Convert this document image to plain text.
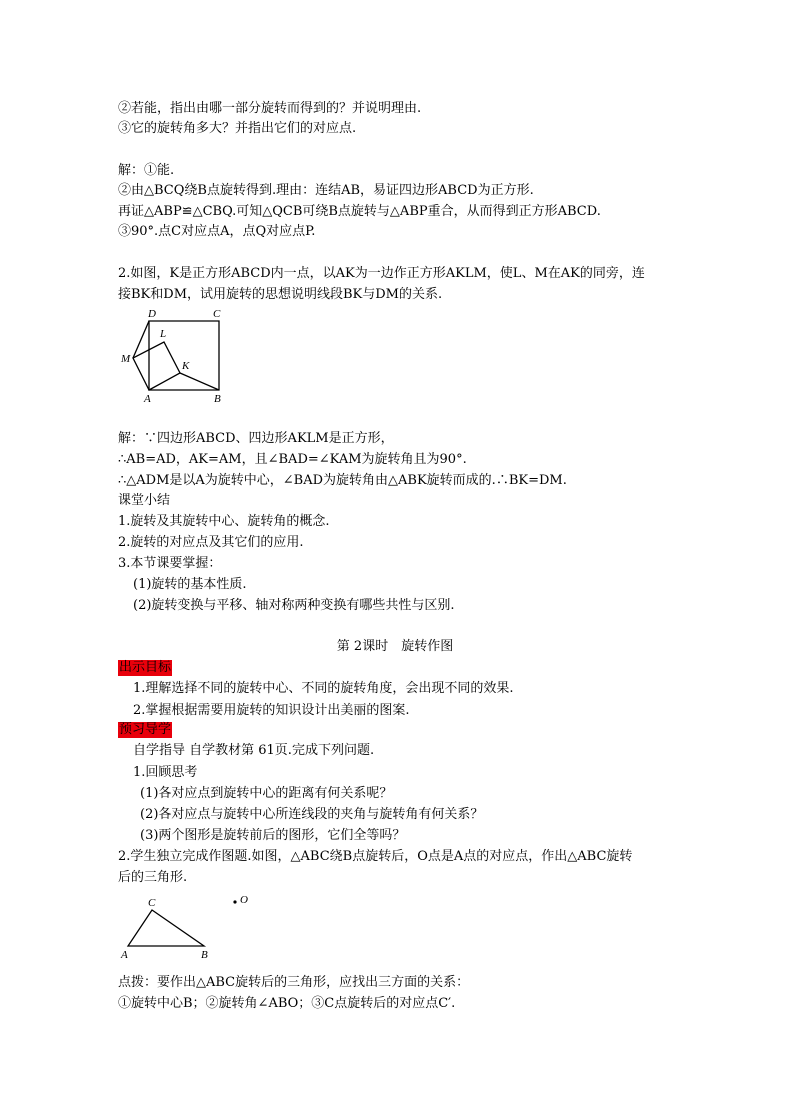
②若能，指出由哪一部分旋转而得到的？并说明理由.
③它的旋转角多大？并指出它们的对应点.
解：①能.
②由△BCQ绕B点旋转得到.理由：连结AB，易证四边形ABCD为正方形.
再证△ABP≌△CBQ.可知△QCB可绕B点旋转与△ABP重合，从而得到正方形ABCD.
③90°.点C对应点A，点Q对应点P.
2.如图，K是正方形ABCD内一点，以AK为一边作正方形AKLM，使L、M在AK的同旁，连
接BK和DM，试用旋转的思想说明线段BK与DM的关系.
D	C
L
M
K
A	B
解：∵四边形ABCD、四边形AKLM是正方形，
∴AB=AD，AK=AM，且∠BAD=∠KAM为旋转角且为90°.
∴△ADM是以A为旋转中心，∠BAD为旋转角由△ABK旋转而成的.∴BK=DM.
课堂小结
1.旋转及其旋转中心、旋转角的概念.
2.旋转的对应点及其它们的应用.
3.本节课要掌握：
(1)旋转的基本性质.
(2)旋转变换与平移、轴对称两种变换有哪些共性与区别.
第 2课时　旋转作图
出示目标
1.理解选择不同的旋转中心、不同的旋转角度，会出现不同的效果.
2.掌握根据需要用旋转的知识设计出美丽的图案.
预习导学
自学指导 自学教材第 61页.完成下列问题.
1.回顾思考
(1)各对应点到旋转中心的距离有何关系呢？
(2)各对应点与旋转中心所连线段的夹角与旋转角有何关系？
(3)两个图形是旋转前后的图形，它们全等吗？
2.学生独立完成作图题.如图，△ABC绕B点旋转后，O点是A点的对应点，作出△ABC旋转
后的三角形.
C	O
A	B
点拨：要作出△ABC旋转后的三角形，应找出三方面的关系：
①旋转中心B；②旋转角∠ABO；③C点旋转后的对应点C′.
